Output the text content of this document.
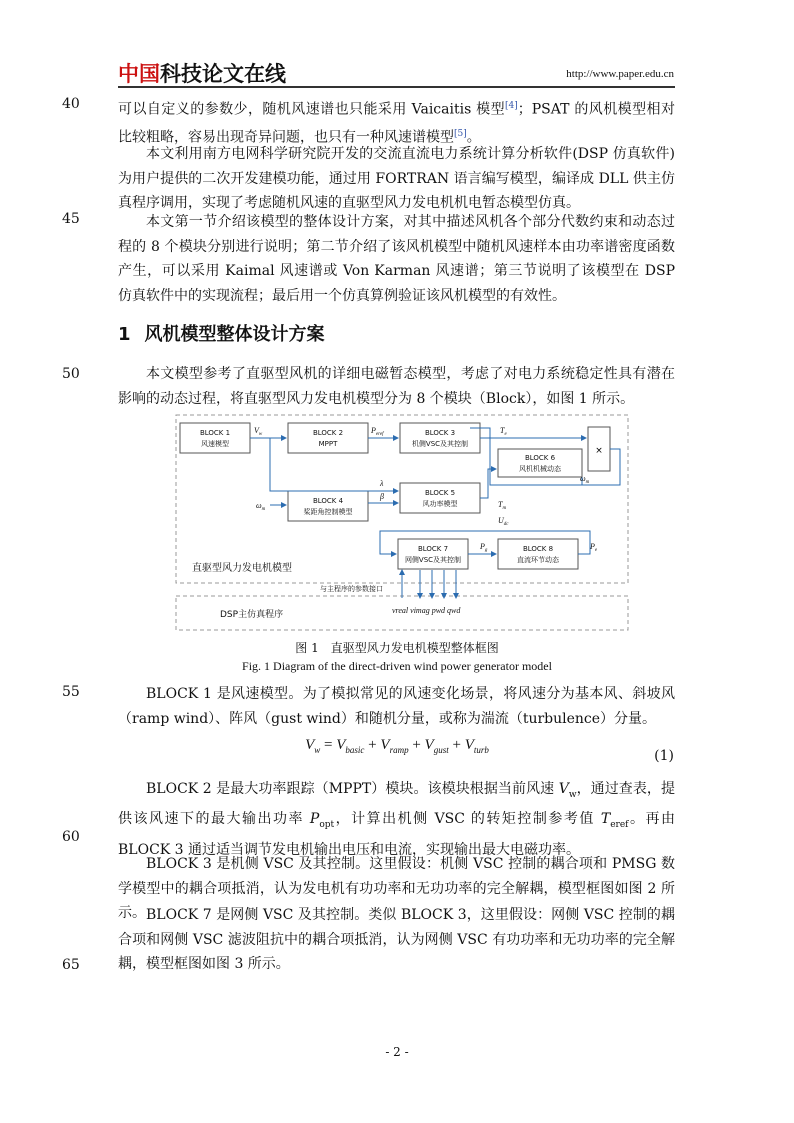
中国科技论文在线	http://www.paper.edu.cn
40
45
50
55
60
65
可以自定义的参数少，随机风速谱也只能采用 Vaicaitis 模型[4]；PSAT 的风机模型相对比较粗略，容易出现奇异问题，也只有一种风速谱模型[5]。
本文利用南方电网科学研究院开发的交流直流电力系统计算分析软件(DSP 仿真软件)为用户提供的二次开发建模功能，通过用 FORTRAN 语言编写模型，编译成 DLL 供主仿真程序调用，实现了考虑随机风速的直驱型风力发电机机电暂态模型仿真。
本文第一节介绍该模型的整体设计方案，对其中描述风机各个部分代数约束和动态过程的 8 个模块分别进行说明；第二节介绍了该风机模型中随机风速样本由功率谱密度函数产生，可以采用 Kaimal 风速谱或 Von Karman 风速谱；第三节说明了该模型在 DSP 仿真软件中的实现流程；最后用一个仿真算例验证该风机模型的有效性。
1 风机模型整体设计方案
本文模型参考了直驱型风机的详细电磁暂态模型，考虑了对电力系统稳定性具有潜在影响的动态过程，将直驱型风力发电机模型分为 8 个模块（Block），如图 1 所示。
BLOCK 1
风速模型
BLOCK 2
MPPT
BLOCK 3
机侧VSC及其控制
BLOCK 4
桨距角控制模型
BLOCK 5
风功率模型
BLOCK 6
风机机械动态
BLOCK 7
网侧VSC及其控制
BLOCK 8
直流环节动态
×
$V_w$	$P_{eref}$	$T_e$
λ
β
$\omega_m$
$\omega_m$
$T_m$
$U_{dc}$
$P_g$	$P_e$
直驱型风力发电机模型
与主程序的参数接口
DSP主仿真程序	vreal vimag pwd qwd
图 1　直驱型风力发电机模型整体框图
Fig. 1 Diagram of the direct-driven wind power generator model
BLOCK 1 是风速模型。为了模拟常见的风速变化场景，将风速分为基本风、斜坡风（ramp wind）、阵风（gust wind）和随机分量，或称为湍流（turbulence）分量。
$V_w = V_{basic} + V_{ramp} + V_{gust} + V_{turb}$	(1)
BLOCK 2 是最大功率跟踪（MPPT）模块。该模块根据当前风速 $V_w$，通过查表，提供该风速下的最大输出功率 $P_{opt}$，计算出机侧 VSC 的转矩控制参考值 $T_{eref}$。再由 BLOCK 3 通过适当调节发电机输出电压和电流，实现输出最大电磁功率。
BLOCK 3 是机侧 VSC 及其控制。这里假设：机侧 VSC 控制的耦合项和 PMSG 数学模型中的耦合项抵消，认为发电机有功功率和无功功率的完全解耦，模型框图如图 2 所示。 BLOCK 7 是网侧 VSC 及其控制。类似 BLOCK 3，这里假设：网侧 VSC 控制的耦合项和网侧 VSC 滤波阻抗中的耦合项抵消，认为网侧 VSC 有功功率和无功功率的完全解耦，模型框图如图 3 所示。
- 2 -
